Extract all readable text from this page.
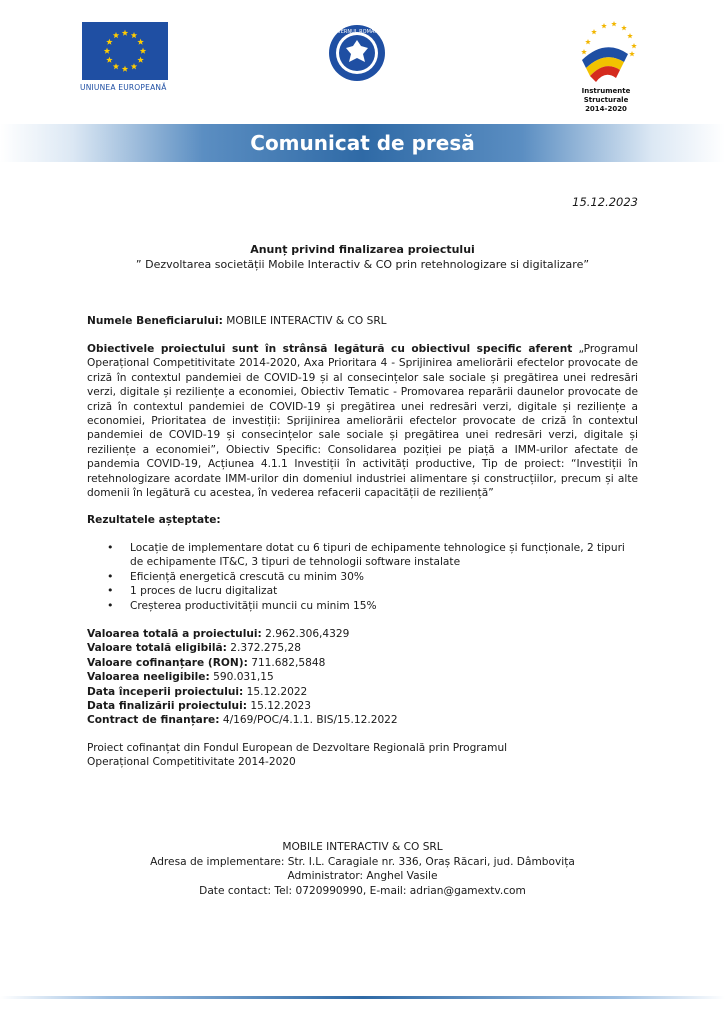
UNIUNEA EUROPEANĂ
GUVERNUL ROMÂNIEI
Instrumente Structurale
2014-2020
Comunicat de presă
15.12.2023
Anunț privind finalizarea proiectului
” Dezvoltarea societății Mobile Interactiv & CO prin retehnologizare si digitalizare”
Numele Beneficiarului: MOBILE INTERACTIV & CO SRL
Obiectivele proiectului sunt în strânsă legătură cu obiectivul specific aferent „Programul Operațional Competitivitate 2014-2020, Axa Prioritara 4 - Sprijinirea ameliorării efectelor provocate de criză în contextul pandemiei de COVID-19 și al consecințelor sale sociale și pregătirea unei redresări verzi, digitale și reziliențe a economiei, Obiectiv Tematic - Promovarea reparării daunelor provocate de criză în contextul pandemiei de COVID-19 și pregătirea unei redresări verzi, digitale și reziliențe a economiei, Prioritatea de investiții: Sprijinirea ameliorării efectelor provocate de criză în contextul pandemiei de COVID-19 și consecințelor sale sociale și pregătirea unei redresări verzi, digitale și reziliențe a economiei”, Obiectiv Specific: Consolidarea poziției pe piață a IMM-urilor afectate de pandemia COVID-19, Acțiunea 4.1.1 Investiții în activități productive, Tip de proiect: “Investiții în retehnologizare acordate IMM-urilor din domeniul industriei alimentare și construcțiilor, precum și alte domenii în legătură cu acestea, în vederea refacerii capacității de reziliență”
Rezultatele așteptate:
• Locație de implementare dotat cu 6 tipuri de echipamente tehnologice și funcționale, 2 tipuri de echipamente IT&C, 3 tipuri de tehnologii software instalate
• Eficiență energetică crescută cu minim 30%
• 1 proces de lucru digitalizat
• Creșterea productivității muncii cu minim 15%
Valoarea totală a proiectului: 2.962.306,4329
Valoare totală eligibilă: 2.372.275,28
Valoare cofinanțare (RON): 711.682,5848
Valoarea neeligibile: 590.031,15
Data începerii proiectului: 15.12.2022
Data finalizării proiectului: 15.12.2023
Contract de finanțare: 4/169/POC/4.1.1. BIS/15.12.2022
Proiect cofinanțat din Fondul European de Dezvoltare Regională prin Programul
Operațional Competitivitate 2014-2020
MOBILE INTERACTIV & CO SRL
Adresa de implementare: Str. I.L. Caragiale nr. 336, Oraș Răcari, jud. Dâmbovița
Administrator: Anghel Vasile
Date contact: Tel: 0720990990, E-mail: adrian@gamextv.com
